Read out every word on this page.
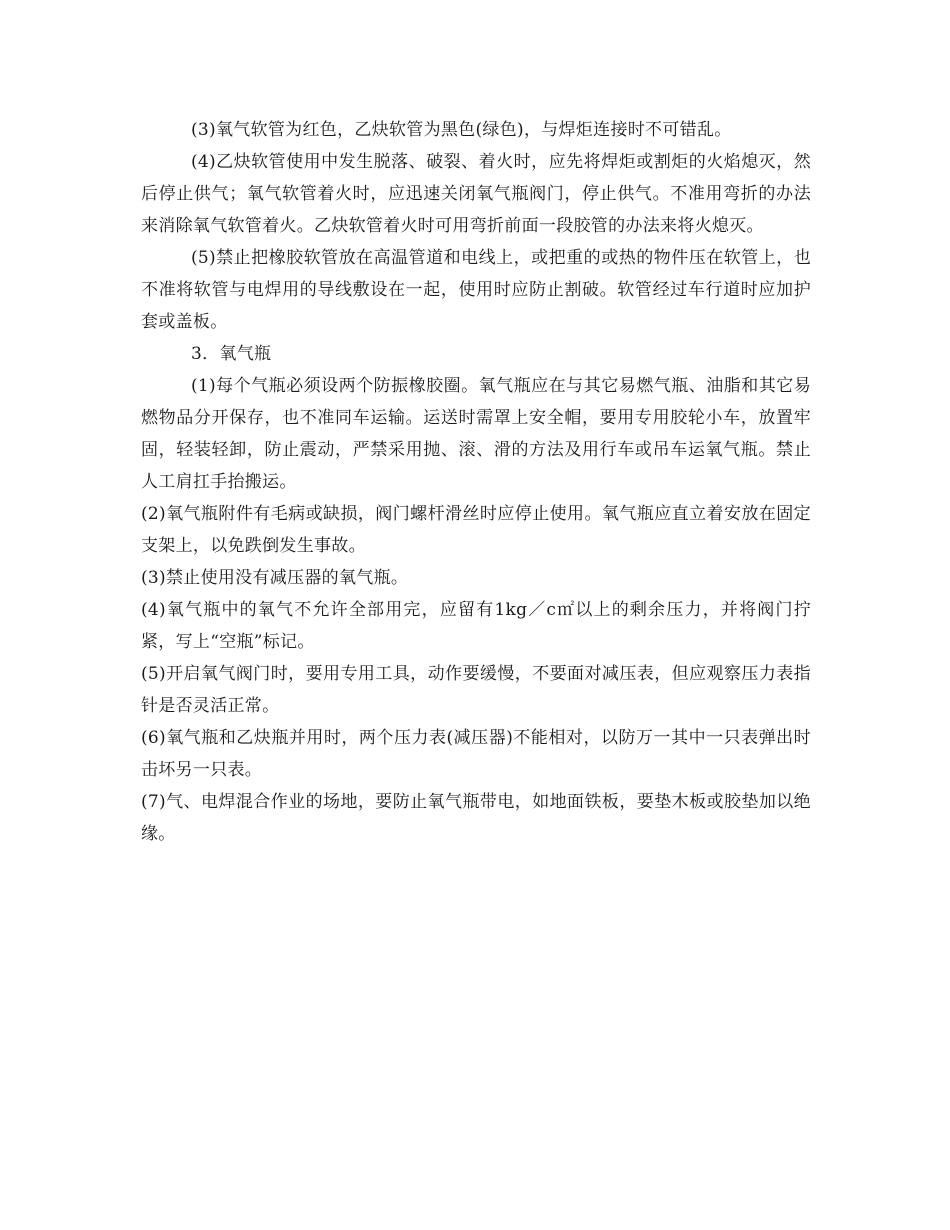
(3)氧气软管为红色，乙炔软管为黑色(绿色)，与焊炬连接时不可错乱。

(4)乙炔软管使用中发生脱落、破裂、着火时，应先将焊炬或割炬的火焰熄灭，然后停止供气；氧气软管着火时，应迅速关闭氧气瓶阀门，停止供气。不准用弯折的办法来消除氧气软管着火。乙炔软管着火时可用弯折前面一段胶管的办法来将火熄灭。

(5)禁止把橡胶软管放在高温管道和电线上，或把重的或热的物件压在软管上，也不准将软管与电焊用的导线敷设在一起，使用时应防止割破。软管经过车行道时应加护套或盖板。

3．氧气瓶

(1)每个气瓶必须设两个防振橡胶圈。氧气瓶应在与其它易燃气瓶、油脂和其它易燃物品分开保存，也不准同车运输。运送时需罩上安全帽，要用专用胶轮小车，放置牢固，轻装轻卸，防止震动，严禁采用抛、滚、滑的方法及用行车或吊车运氧气瓶。禁止人工肩扛手抬搬运。

(2)氧气瓶附件有毛病或缺损，阀门螺杆滑丝时应停止使用。氧气瓶应直立着安放在固定支架上，以免跌倒发生事故。

(3)禁止使用没有减压器的氧气瓶。

(4)氧气瓶中的氧气不允许全部用完，应留有1kg／c㎡以上的剩余压力，并将阀门拧紧，写上“空瓶”标记。

(5)开启氧气阀门时，要用专用工具，动作要缓慢，不要面对减压表，但应观察压力表指针是否灵活正常。

(6)氧气瓶和乙炔瓶并用时，两个压力表(减压器)不能相对，以防万一其中一只表弹出时击坏另一只表。

(7)气、电焊混合作业的场地，要防止氧气瓶带电，如地面铁板，要垫木板或胶垫加以绝缘。
